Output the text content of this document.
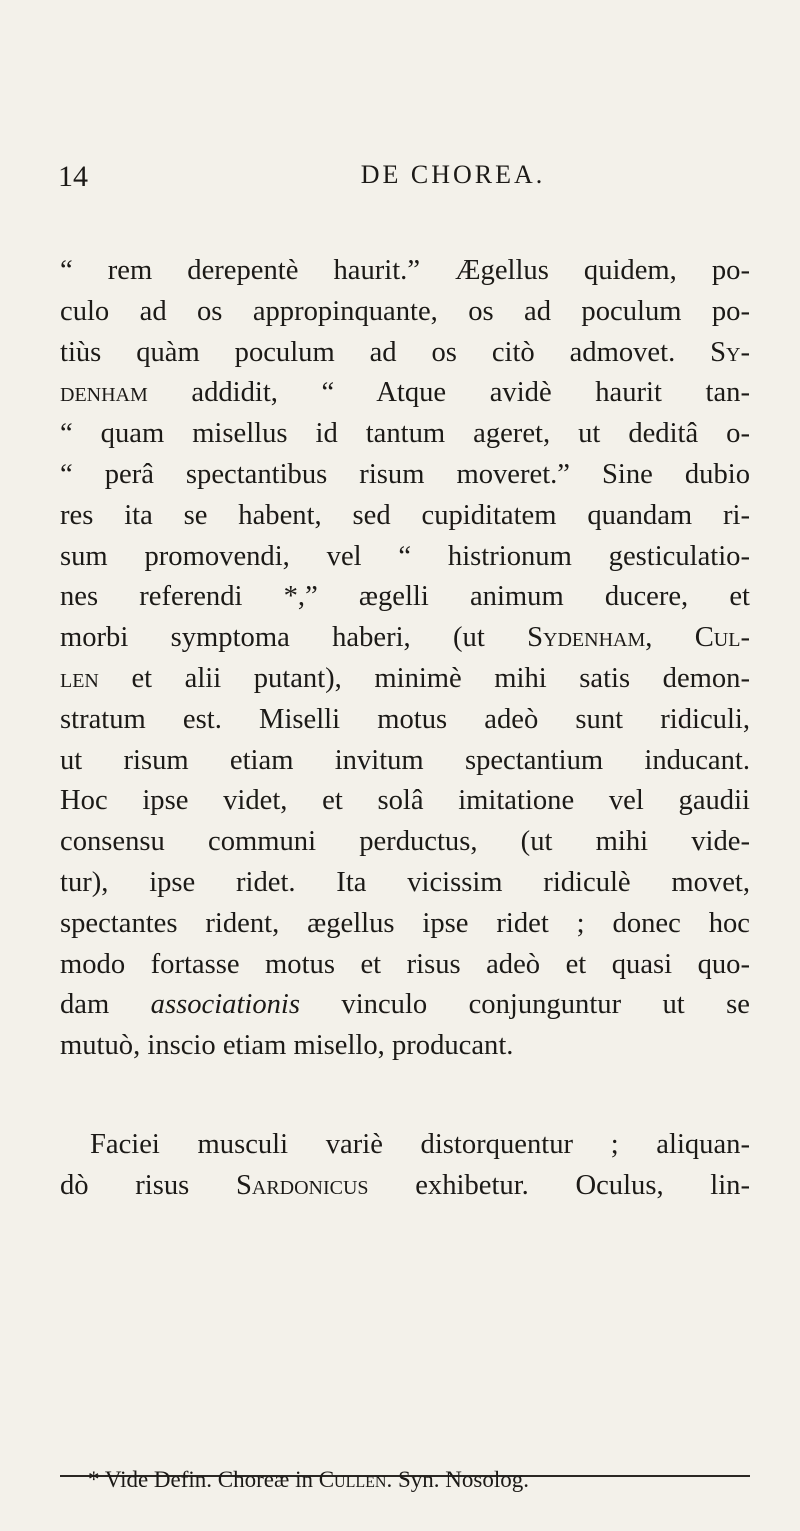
14	DE CHOREA.
“ rem derepentè haurit.” Ægellus quidem, po-
culo ad os appropinquante, os ad poculum po-
tiùs quàm poculum ad os citò admovet. Sy-
denham addidit, “ Atque avidè haurit tan-
“ quam misellus id tantum ageret, ut deditâ o-
“ perâ spectantibus risum moveret.” Sine dubio
res ita se habent, sed cupiditatem quandam ri-
sum promovendi, vel “ histrionum gesticulatio-
nes referendi *,” ægelli animum ducere, et
morbi symptoma haberi, (ut Sydenham, Cul-
len et alii putant), minimè mihi satis demon-
stratum est. Miselli motus adeò sunt ridiculi,
ut risum etiam invitum spectantium inducant.
Hoc ipse videt, et solâ imitatione vel gaudii
consensu communi perductus, (ut mihi vide-
tur), ipse ridet. Ita vicissim ridiculè movet,
spectantes rident, ægellus ipse ridet ; donec hoc
modo fortasse motus et risus adeò et quasi quo-
dam associationis vinculo conjunguntur ut se
mutuò, inscio etiam misello, producant.
Faciei musculi variè distorquentur ; aliquan-
dò risus Sardonicus exhibetur. Oculus, lin-
* Vide Defin. Choreæ in Cullen. Syn. Nosolog.
